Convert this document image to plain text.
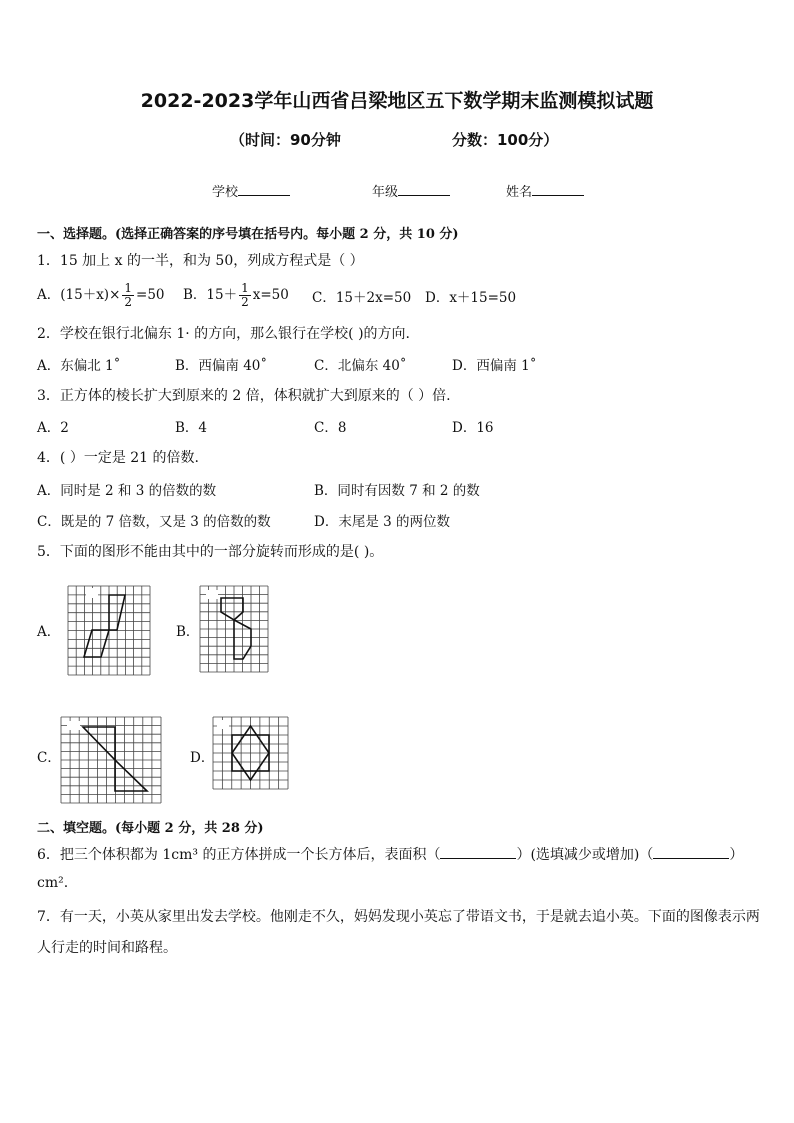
2022-2023学年山西省吕梁地区五下数学期末监测模拟试题
（时间：90分钟	分数：100分）
学校	年级	姓名
一、选择题。(选择正确答案的序号填在括号内。每小题 2 分，共 10 分)
1．15 加上 x 的一半，和为 50，列成方程式是（ ）
A．$(15+x)\times \frac{1}{2} =50$ B．$15+ \frac{1}{2} x=50$ C．15＋2x=50 D．x＋15=50
2．学校在银行北偏东 1· 的方向，那么银行在学校( )的方向.
A．东偏北 1˚	B．西偏南 40˚	C．北偏东 40˚	D．西偏南 1˚
3．正方体的棱长扩大到原来的 2 倍，体积就扩大到原来的（ ）倍.
A．2	B．4	C．8	D．16
4．( ）一定是 21 的倍数.
A．同时是 2 和 3 的倍数的数	B．同时有因数 7 和 2 的数
C．既是的 7 倍数，又是 3 的倍数的数	D．末尾是 3 的两位数
5．下面的图形不能由其中的一部分旋转而形成的是( )。
A．	B．
C．	D．
二、填空题。(每小题 2 分，共 28 分)
6．把三个体积都为 1cm³ 的正方体拼成一个长方体后，表面积（	）(选填减少或增加)（	）
cm².
7．有一天，小英从家里出发去学校。他刚走不久，妈妈发现小英忘了带语文书，于是就去追小英。下面的图像表示两
人行走的时间和路程。
